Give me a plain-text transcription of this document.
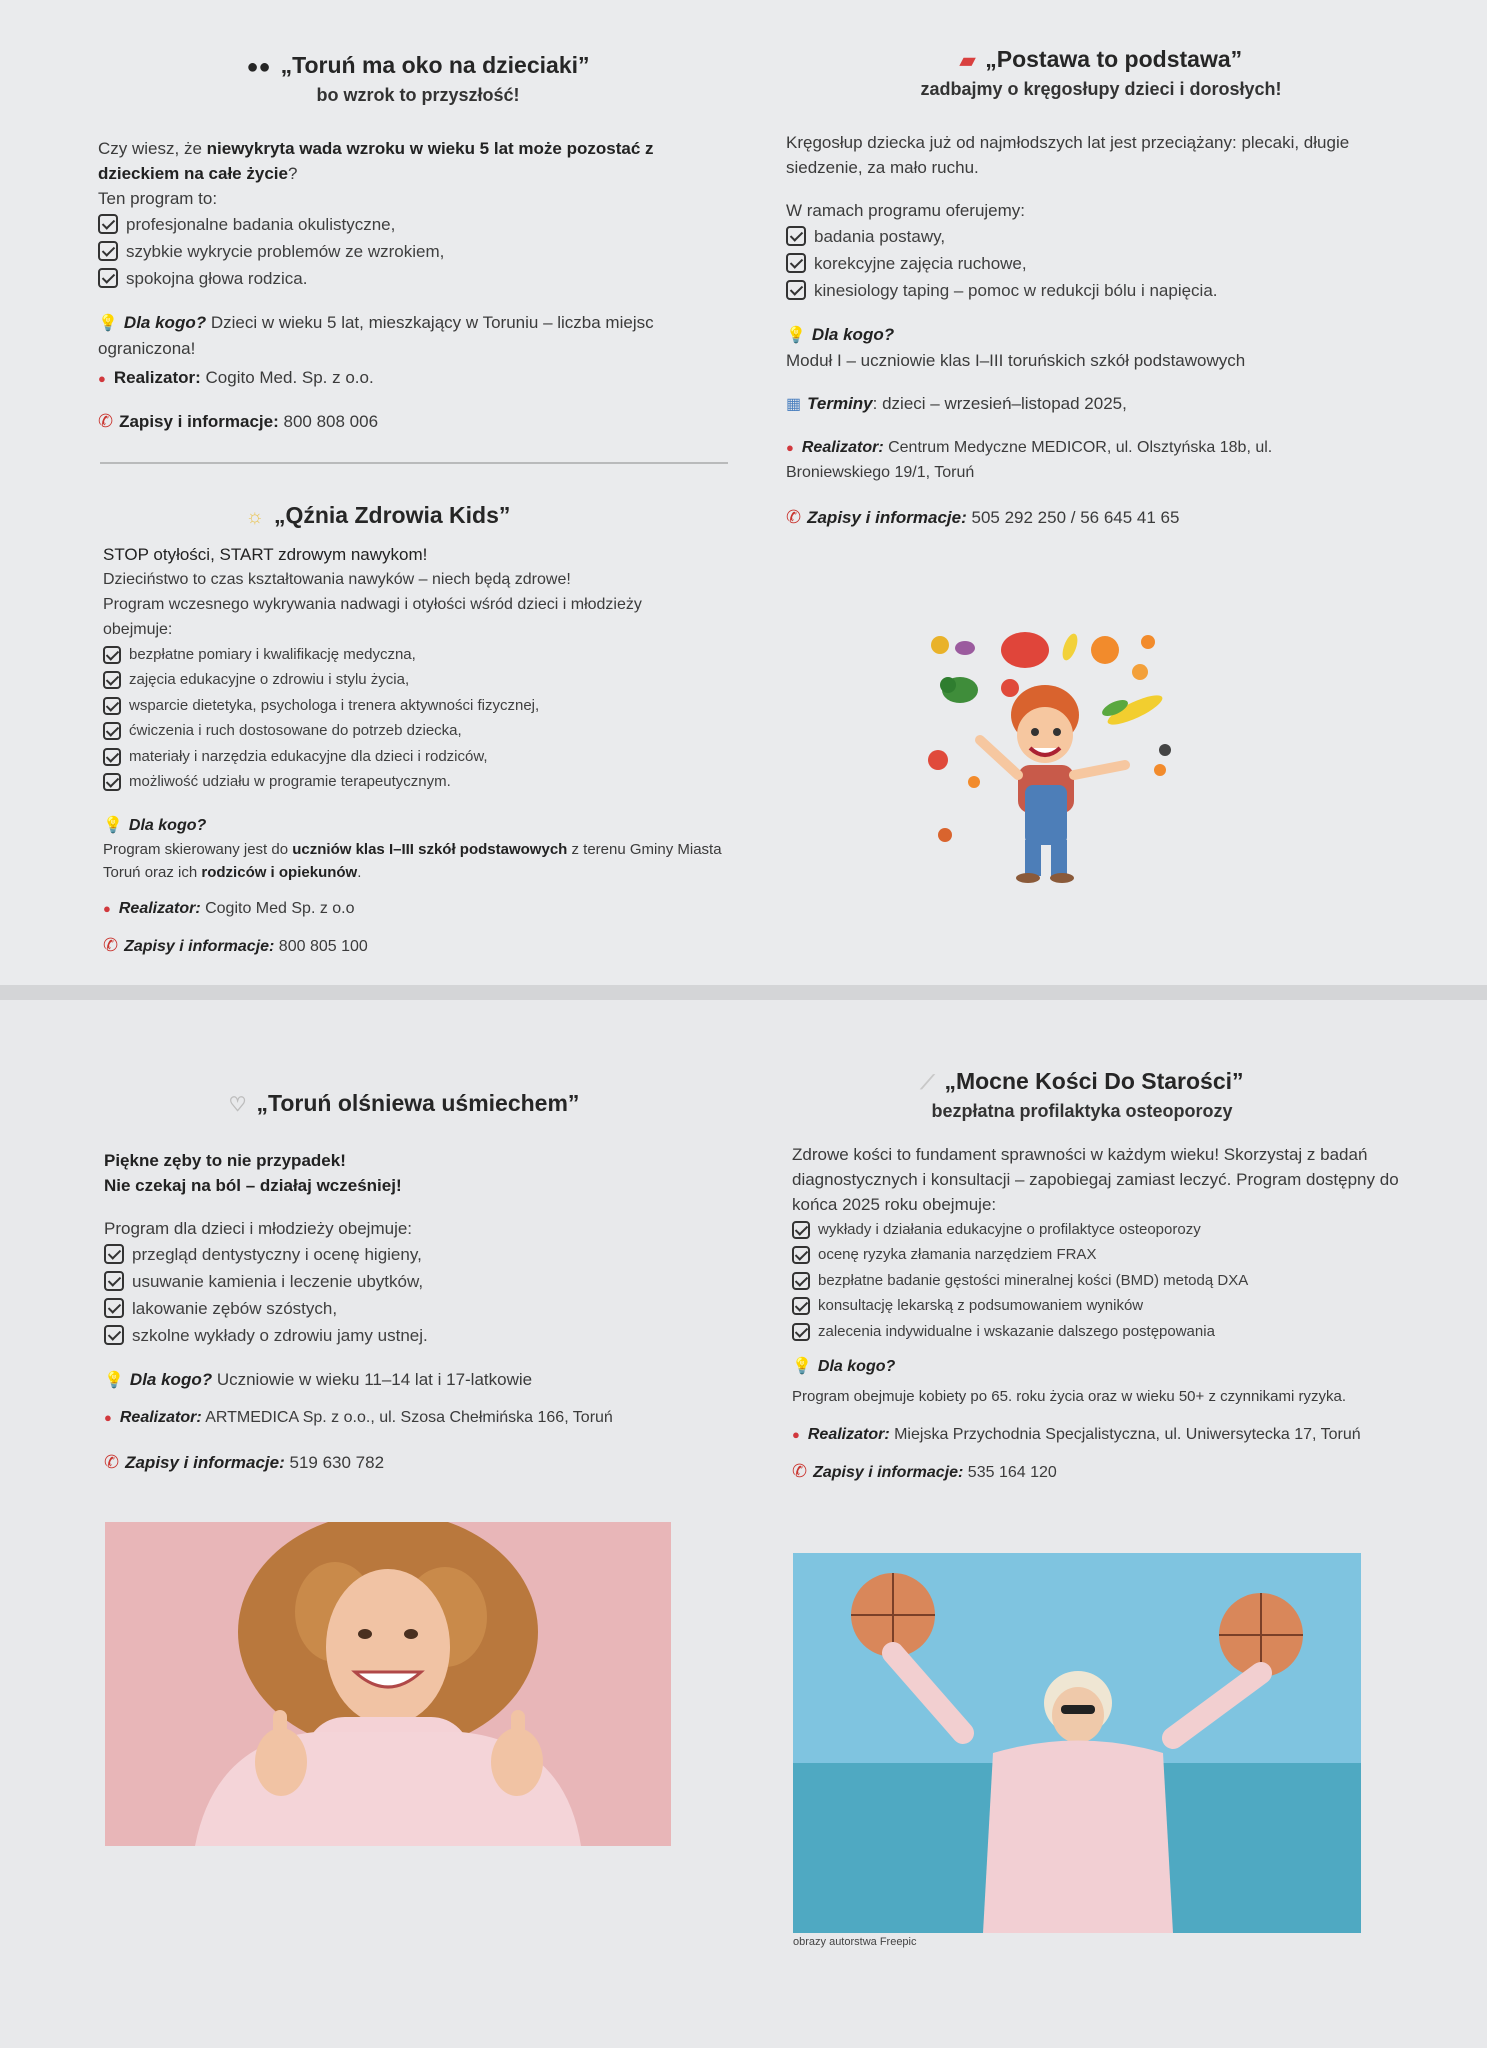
●● „Toruń ma oko na dzieciaki”
bo wzrok to przyszłość!

Czy wiesz, że niewykryta wada wzroku w wieku 5 lat może pozostać z dzieckiem na całe życie?

Ten program to:

profesjonalne badania okulistyczne,
szybkie wykrycie problemów ze wzrokiem,
spokojna głowa rodzica.
💡 Dla kogo? Dzieci w wieku 5 lat, mieszkający w Toruniu – liczba miejsc ograniczona!
● Realizator: Cogito Med. Sp. z o.o.
✆ Zapisy i informacje: 800 808 006
☼ „Qźnia Zdrowia Kids”

STOP otyłości, START zdrowym nawykom!

Dzieciństwo to czas kształtowania nawyków – niech będą zdrowe!

Program wczesnego wykrywania nadwagi i otyłości wśród dzieci i młodzieży obejmuje:

bezpłatne pomiary i kwalifikację medyczna,
zajęcia edukacyjne o zdrowiu i stylu życia,
wsparcie dietetyka, psychologa i trenera aktywności fizycznej,
ćwiczenia i ruch dostosowane do potrzeb dziecka,
materiały i narzędzia edukacyjne dla dzieci i rodziców,
możliwość udziału w programie terapeutycznym.
💡 Dla kogo?

Program skierowany jest do uczniów klas I–III szkół podstawowych z terenu Gminy Miasta Toruń oraz ich rodziców i opiekunów.

● Realizator: Cogito Med Sp. z o.o
✆ Zapisy i informacje: 800 805 100
▰ „Postawa to podstawa”
zadbajmy o kręgosłupy dzieci i dorosłych!

Kręgosłup dziecka już od najmłodszych lat jest przeciążany: plecaki, długie siedzenie, za mało ruchu.

W ramach programu oferujemy:

badania postawy,
korekcyjne zajęcia ruchowe,
kinesiology taping – pomoc w redukcji bólu i napięcia.
💡 Dla kogo?

Moduł I – uczniowie klas I–III toruńskich szkół podstawowych

▦ Terminy: dzieci – wrzesień–listopad 2025,
● Realizator: Centrum Medyczne MEDICOR, ul. Olsztyńska 18b, ul. Broniewskiego 19/1, Toruń
✆ Zapisy i informacje: 505 292 250 / 56 645 41 65
♡ „Toruń olśniewa uśmiechem”

Piękne zęby to nie przypadek!

Nie czekaj na ból – działaj wcześniej!

Program dla dzieci i młodzieży obejmuje:

przegląd dentystyczny i ocenę higieny,
usuwanie kamienia i leczenie ubytków,
lakowanie zębów szóstych,
szkolne wykłady o zdrowiu jamy ustnej.
💡 Dla kogo? Uczniowie w wieku 11–14 lat i 17-latkowie
● Realizator: ARTMEDICA Sp. z o.o., ul. Szosa Chełmińska 166, Toruń
✆ Zapisy i informacje: 519 630 782
⟋ „Mocne Kości Do Starości”
bezpłatna profilaktyka osteoporozy

Zdrowe kości to fundament sprawności w każdym wieku! Skorzystaj z badań diagnostycznych i konsultacji – zapobiegaj zamiast leczyć. Program dostępny do końca 2025 roku obejmuje:

wykłady i działania edukacyjne o profilaktyce osteoporozy
ocenę ryzyka złamania narzędziem FRAX
bezpłatne badanie gęstości mineralnej kości (BMD) metodą DXA
konsultację lekarską z podsumowaniem wyników
zalecenia indywidualne i wskazanie dalszego postępowania
💡 Dla kogo?

Program obejmuje kobiety po 65. roku życia oraz w wieku 50+ z czynnikami ryzyka.

● Realizator: Miejska Przychodnia Specjalistyczna, ul. Uniwersytecka 17, Toruń
✆ Zapisy i informacje: 535 164 120
obrazy autorstwa Freepic
